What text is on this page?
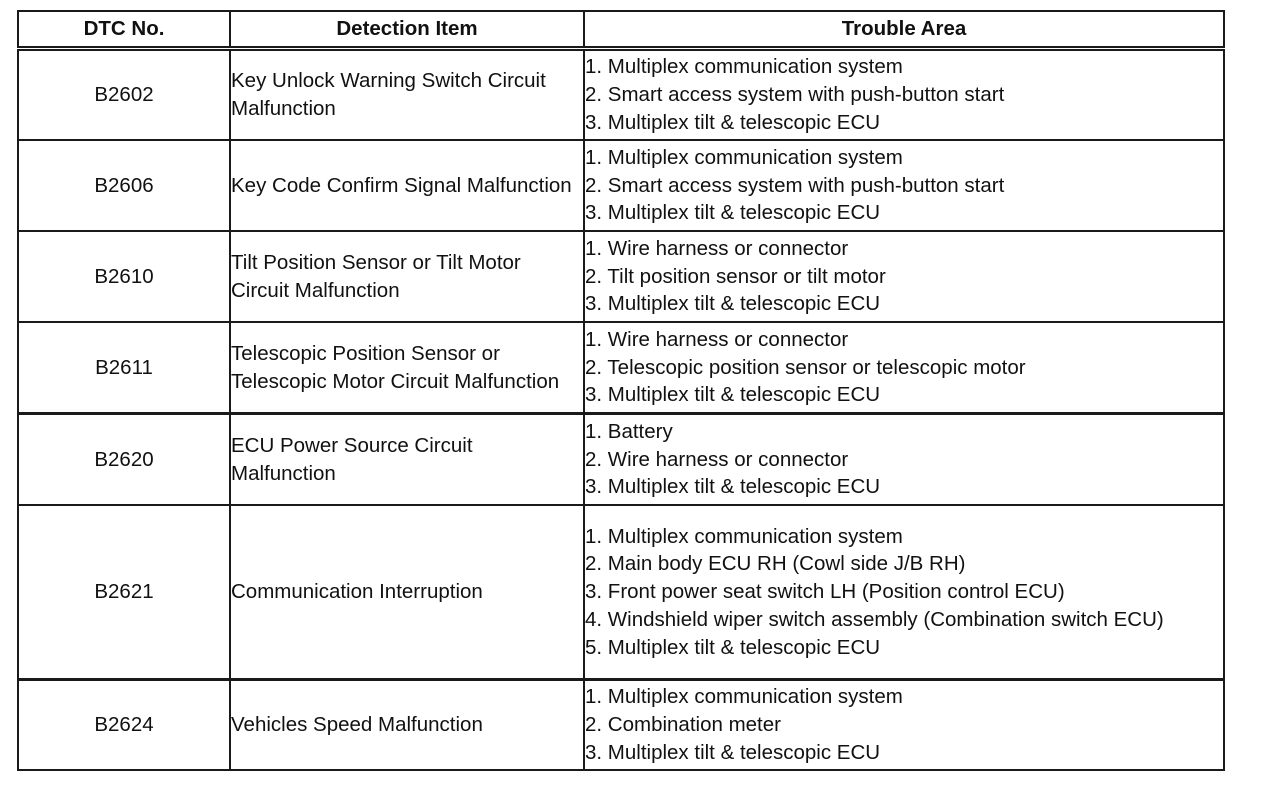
DTC No.	Detection Item	Trouble Area
B2602	Key Unlock Warning Switch Circuit Malfunction	1. Multiplex communication system
2. Smart access system with push-button start
3. Multiplex tilt & telescopic ECU

B2606	Key Code Confirm Signal Malfunction	1. Multiplex communication system
2. Smart access system with push-button start
3. Multiplex tilt & telescopic ECU

B2610	Tilt Position Sensor or Tilt Motor Circuit Malfunction	1. Wire harness or connector
2. Tilt position sensor or tilt motor
3. Multiplex tilt & telescopic ECU

B2611	Telescopic Position Sensor or Telescopic Motor Circuit Malfunction	1. Wire harness or connector
2. Telescopic position sensor or telescopic motor
3. Multiplex tilt & telescopic ECU

B2620	ECU Power Source Circuit Malfunction	1. Battery
2. Wire harness or connector
3. Multiplex tilt & telescopic ECU

B2621	Communication Interruption	1. Multiplex communication system
2. Main body ECU RH (Cowl side J/B RH)
3. Front power seat switch LH (Position control ECU)
4. Windshield wiper switch assembly (Combination switch ECU)
5. Multiplex tilt & telescopic ECU

B2624	Vehicles Speed Malfunction	1. Multiplex communication system
2. Combination meter
3. Multiplex tilt & telescopic ECU
